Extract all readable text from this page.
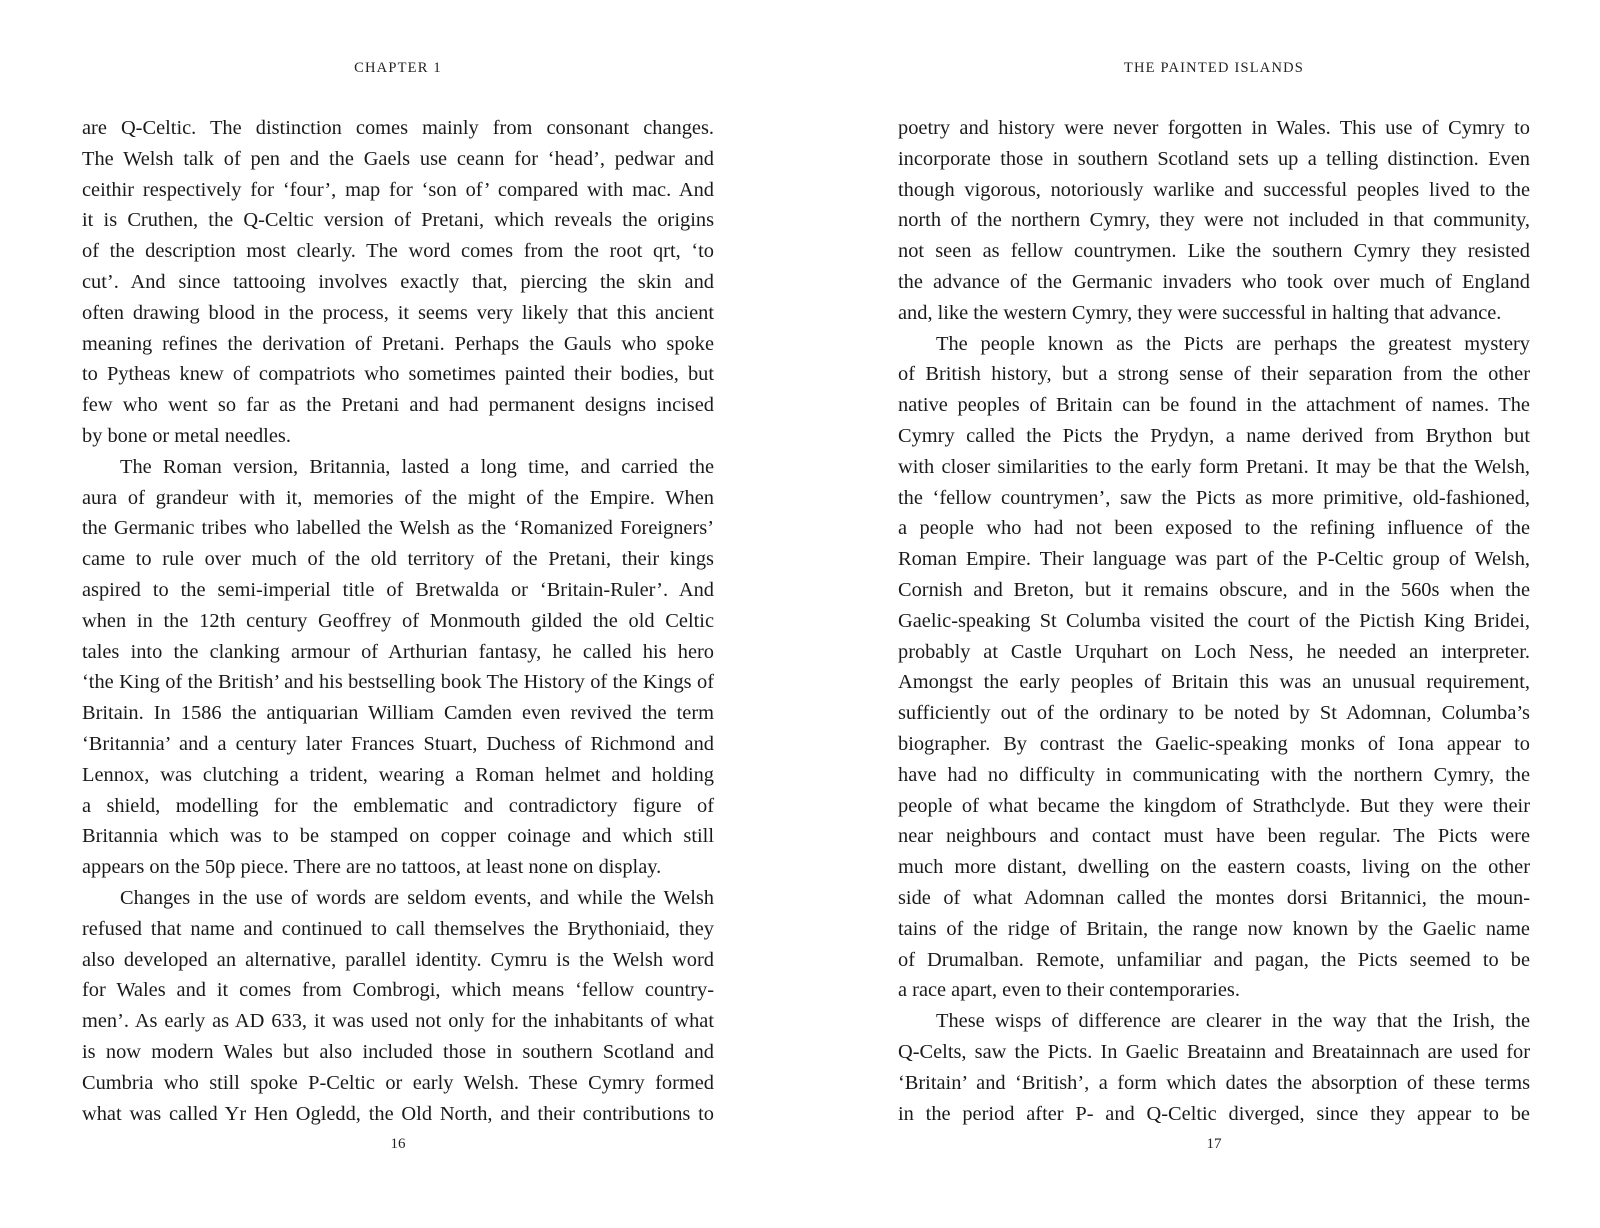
CHAPTER 1
are Q-Celtic. The distinction comes mainly from consonant changes.
The Welsh talk of pen and the Gaels use ceann for ‘head’, pedwar and
ceithir respectively for ‘four’, map for ‘son of’ compared with mac. And
it is Cruthen, the Q-Celtic version of Pretani, which reveals the origins
of the description most clearly. The word comes from the root qrt, ‘to
cut’. And since tattooing involves exactly that, piercing the skin and
often drawing blood in the process, it seems very likely that this ancient
meaning refines the derivation of Pretani. Perhaps the Gauls who spoke
to Pytheas knew of compatriots who sometimes painted their bodies, but
few who went so far as the Pretani and had permanent designs incised
by bone or metal needles.
The Roman version, Britannia, lasted a long time, and carried the
aura of grandeur with it, memories of the might of the Empire. When
the Germanic tribes who labelled the Welsh as the ‘Romanized Foreigners’
came to rule over much of the old territory of the Pretani, their kings
aspired to the semi-imperial title of Bretwalda or ‘Britain-Ruler’. And
when in the 12th century Geoffrey of Monmouth gilded the old Celtic
tales into the clanking armour of Arthurian fantasy, he called his hero
‘the King of the British’ and his bestselling book The History of the Kings of
Britain. In 1586 the antiquarian William Camden even revived the term
‘Britannia’ and a century later Frances Stuart, Duchess of Richmond and
Lennox, was clutching a trident, wearing a Roman helmet and holding
a shield, modelling for the emblematic and contradictory figure of
Britannia which was to be stamped on copper coinage and which still
appears on the 50p piece. There are no tattoos, at least none on display.
Changes in the use of words are seldom events, and while the Welsh
refused that name and continued to call themselves the Brythoniaid, they
also developed an alternative, parallel identity. Cymru is the Welsh word
for Wales and it comes from Combrogi, which means ‘fellow country-
men’. As early as AD 633, it was used not only for the inhabitants of what
is now modern Wales but also included those in southern Scotland and
Cumbria who still spoke P-Celtic or early Welsh. These Cymry formed
what was called Yr Hen Ogledd, the Old North, and their contributions to
16
THE PAINTED ISLANDS
poetry and history were never forgotten in Wales. This use of Cymry to
incorporate those in southern Scotland sets up a telling distinction. Even
though vigorous, notoriously warlike and successful peoples lived to the
north of the northern Cymry, they were not included in that community,
not seen as fellow countrymen. Like the southern Cymry they resisted
the advance of the Germanic invaders who took over much of England
and, like the western Cymry, they were successful in halting that advance.
The people known as the Picts are perhaps the greatest mystery
of British history, but a strong sense of their separation from the other
native peoples of Britain can be found in the attachment of names. The
Cymry called the Picts the Prydyn, a name derived from Brython but
with closer similarities to the early form Pretani. It may be that the Welsh,
the ‘fellow countrymen’, saw the Picts as more primitive, old-fashioned,
a people who had not been exposed to the refining influence of the
Roman Empire. Their language was part of the P-Celtic group of Welsh,
Cornish and Breton, but it remains obscure, and in the 560s when the
Gaelic-speaking St Columba visited the court of the Pictish King Bridei,
probably at Castle Urquhart on Loch Ness, he needed an interpreter.
Amongst the early peoples of Britain this was an unusual requirement,
sufficiently out of the ordinary to be noted by St Adomnan, Columba’s
biographer. By contrast the Gaelic-speaking monks of Iona appear to
have had no difficulty in communicating with the northern Cymry, the
people of what became the kingdom of Strathclyde. But they were their
near neighbours and contact must have been regular. The Picts were
much more distant, dwelling on the eastern coasts, living on the other
side of what Adomnan called the montes dorsi Britannici, the moun-
tains of the ridge of Britain, the range now known by the Gaelic name
of Drumalban. Remote, unfamiliar and pagan, the Picts seemed to be
a race apart, even to their contemporaries.
These wisps of difference are clearer in the way that the Irish, the
Q-Celts, saw the Picts. In Gaelic Breatainn and Breatainnach are used for
‘Britain’ and ‘British’, a form which dates the absorption of these terms
in the period after P- and Q-Celtic diverged, since they appear to be
17
